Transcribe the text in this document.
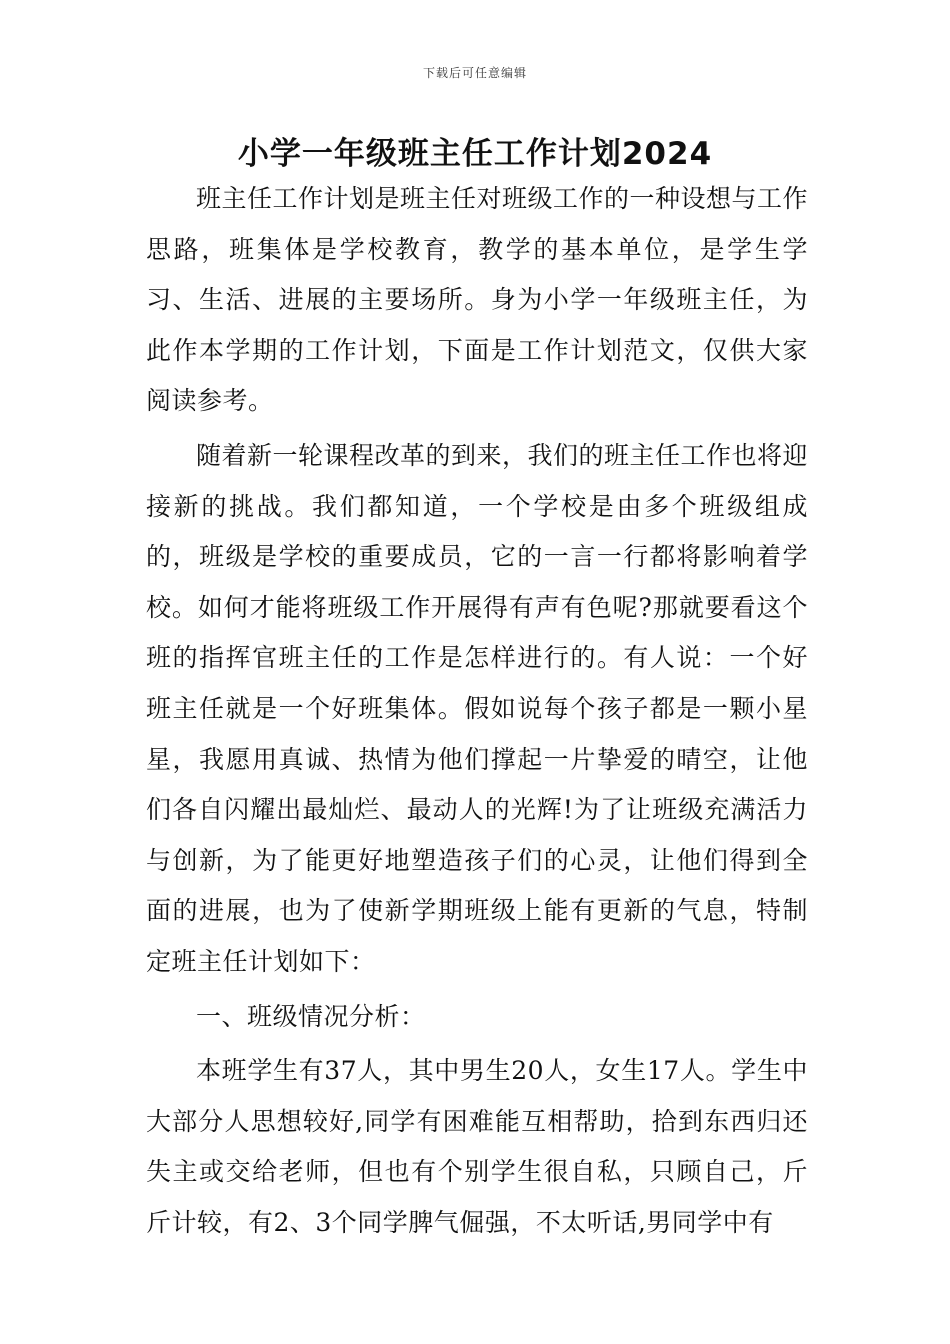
下载后可任意编辑
小学一年级班主任工作计划2024

班主任工作计划是班主任对班级工作的一种设想与工作思路，班集体是学校教育，教学的基本单位，是学生学习、生活、进展的主要场所。身为小学一年级班主任，为此作本学期的工作计划，下面是工作计划范文，仅供大家阅读参考。

随着新一轮课程改革的到来，我们的班主任工作也将迎接新的挑战。我们都知道，一个学校是由多个班级组成的，班级是学校的重要成员，它的一言一行都将影响着学校。如何才能将班级工作开展得有声有色呢?那就要看这个班的指挥官班主任的工作是怎样进行的。有人说：一个好班主任就是一个好班集体。假如说每个孩子都是一颗小星星，我愿用真诚、热情为他们撑起一片挚爱的晴空，让他们各自闪耀出最灿烂、最动人的光辉!为了让班级充满活力与创新，为了能更好地塑造孩子们的心灵，让他们得到全面的进展，也为了使新学期班级上能有更新的气息，特制定班主任计划如下：

一、班级情况分析：

本班学生有37人，其中男生20人，女生17人。学生中大部分人思想较好,同学有困难能互相帮助，拾到东西归还失主或交给老师，但也有个别学生很自私，只顾自己，斤斤计较，有2、3个同学脾气倔强，不太听话,男同学中有
